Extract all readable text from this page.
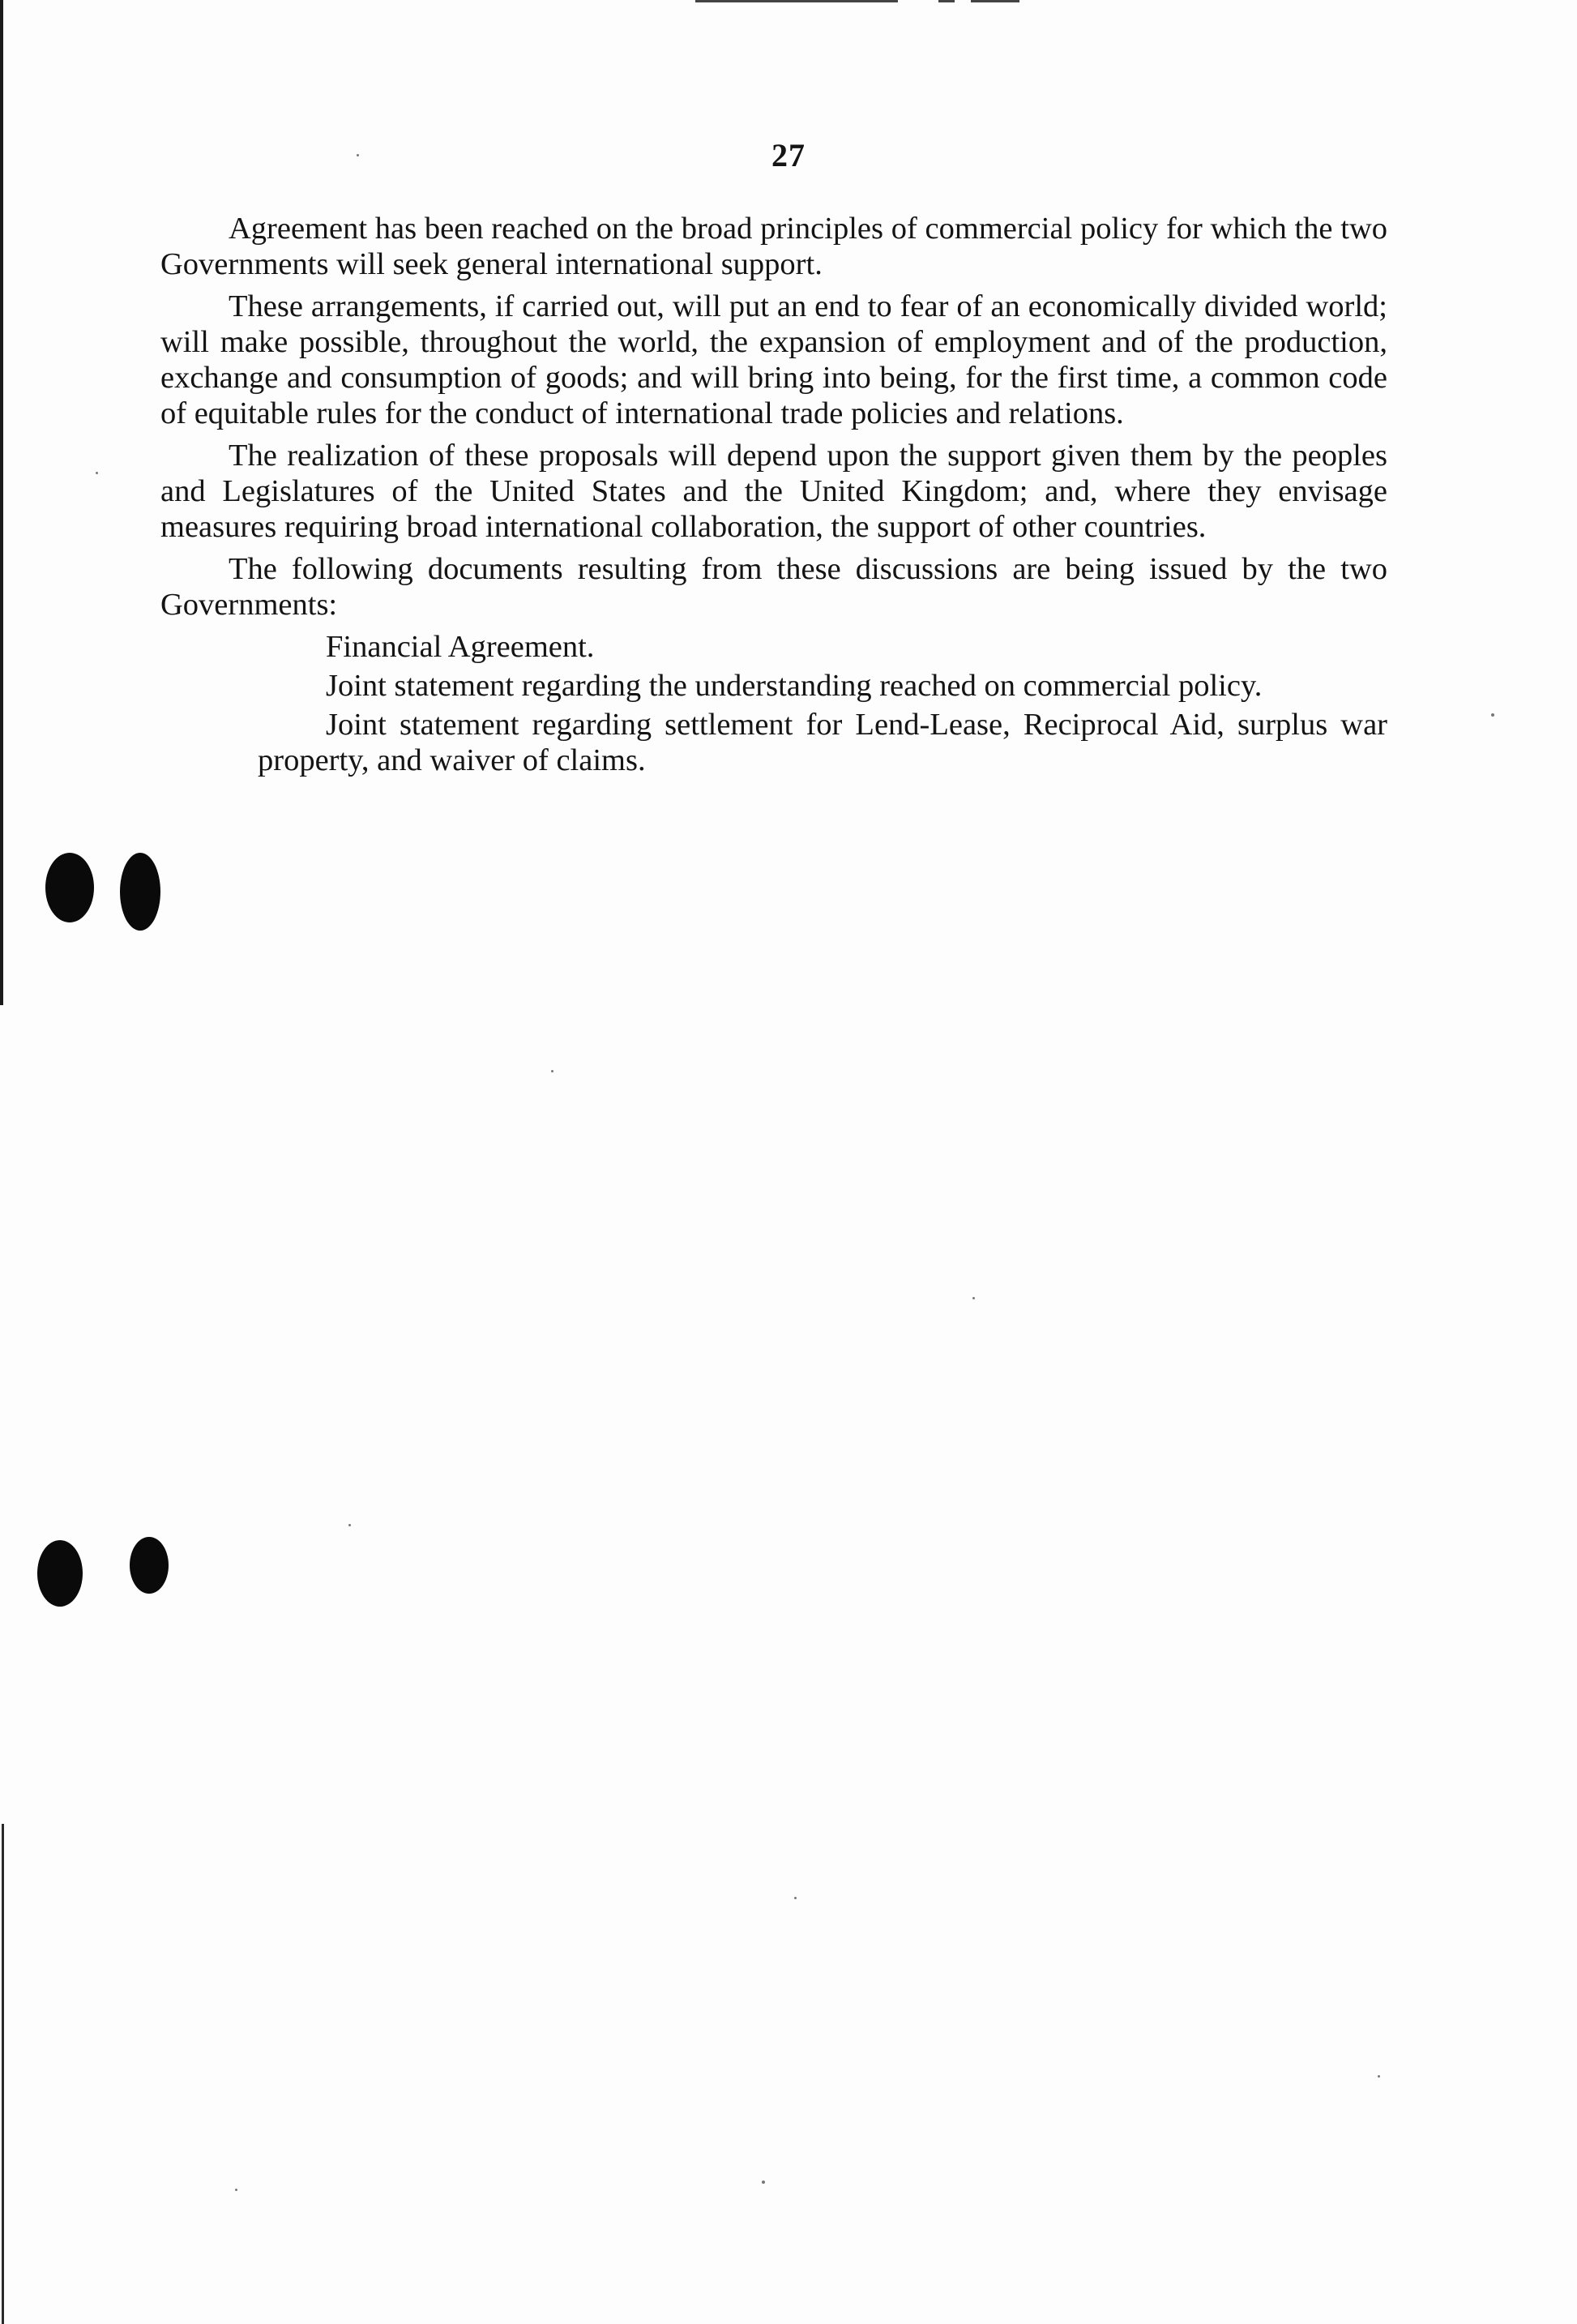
27

Agreement has been reached on the broad principles of commercial policy for which the two Governments will seek general international support.

These arrangements, if carried out, will put an end to fear of an economically divided world; will make possible, throughout the world, the expansion of employment and of the production, exchange and consumption of goods; and will bring into being, for the first time, a common code of equitable rules for the conduct of international trade policies and relations.

The realization of these proposals will depend upon the support given them by the peoples and Legislatures of the United States and the United Kingdom; and, where they envisage measures requiring broad international collaboration, the support of other countries.

The following documents resulting from these discussions are being issued by the two Governments:

Financial Agreement.
Joint statement regarding the understanding reached on commercial policy.
Joint statement regarding settlement for Lend-Lease, Reciprocal Aid, surplus war property, and waiver of claims.
